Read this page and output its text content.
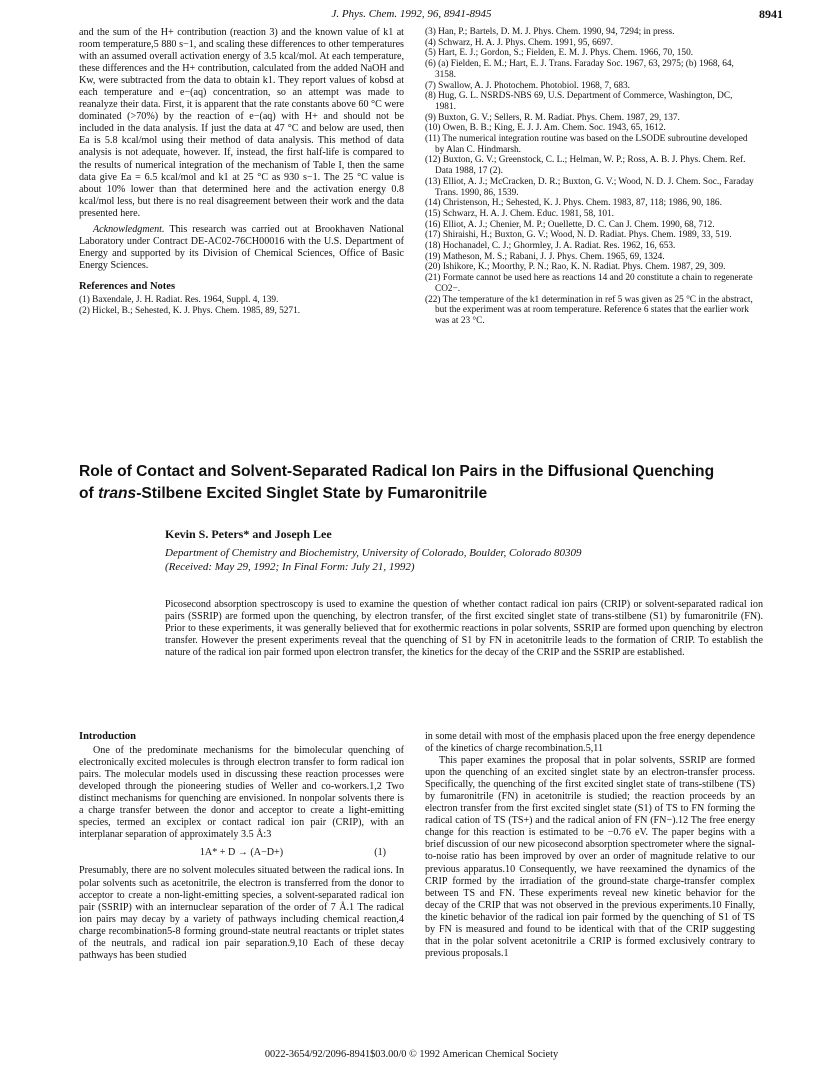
J. Phys. Chem. 1992, 96, 8941-8945	8941

and the sum of the H+ contribution (reaction 3) and the known value of k1 at room temperature,5 880 s−1, and scaling these differences to other temperatures with an assumed overall activation energy of 3.5 kcal/mol. At each temperature, these differences and the H+ contribution, calculated from the added NaOH and Kw, were subtracted from the data to obtain k1. They report values of kobsd at each temperature and e−(aq) concentration, so an attempt was made to reanalyze their data. First, it is apparent that the rate constants above 60 °C were dominated (>70%) by the reaction of e−(aq) with H+ and should not be included in the data analysis. If just the data at 47 °C and below are used, then Ea is 5.8 kcal/mol using their method of data analysis. This method of data analysis is not adequate, however. If, instead, the first half-life is compared to the results of numerical integration of the mechanism of Table I, then the same data give Ea = 6.5 kcal/mol and k1 at 25 °C as 930 s−1. The 25 °C value is about 10% lower than that determined here and the activation energy 0.8 kcal/mol less, but there is no real disagreement between their work and the data presented here.

Acknowledgment. This research was carried out at Brookhaven National Laboratory under Contract DE-AC02-76CH00016 with the U.S. Department of Energy and supported by its Division of Chemical Sciences, Office of Basic Energy Sciences.

References and Notes

(1) Baxendale, J. H. Radiat. Res. 1964, Suppl. 4, 139.

(2) Hickel, B.; Sehested, K. J. Phys. Chem. 1985, 89, 5271.

(3) Han, P.; Bartels, D. M. J. Phys. Chem. 1990, 94, 7294; in press.

(4) Schwarz, H. A. J. Phys. Chem. 1991, 95, 6697.

(5) Hart, E. J.; Gordon, S.; Fielden, E. M. J. Phys. Chem. 1966, 70, 150.

(6) (a) Fielden, E. M.; Hart, E. J. Trans. Faraday Soc. 1967, 63, 2975; (b) 1968, 64, 3158.

(7) Swallow, A. J. Photochem. Photobiol. 1968, 7, 683.

(8) Hug, G. L. NSRDS-NBS 69, U.S. Department of Commerce, Washington, DC, 1981.

(9) Buxton, G. V.; Sellers, R. M. Radiat. Phys. Chem. 1987, 29, 137.

(10) Owen, B. B.; King, E. J. J. Am. Chem. Soc. 1943, 65, 1612.

(11) The numerical integration routine was based on the LSODE subroutine developed by Alan C. Hindmarsh.

(12) Buxton, G. V.; Greenstock, C. L.; Helman, W. P.; Ross, A. B. J. Phys. Chem. Ref. Data 1988, 17 (2).

(13) Elliot, A. J.; McCracken, D. R.; Buxton, G. V.; Wood, N. D. J. Chem. Soc., Faraday Trans. 1990, 86, 1539.

(14) Christenson, H.; Sehested, K. J. Phys. Chem. 1983, 87, 118; 1986, 90, 186.

(15) Schwarz, H. A. J. Chem. Educ. 1981, 58, 101.

(16) Elliot, A. J.; Chenier, M. P.; Ouellette, D. C. Can J. Chem. 1990, 68, 712.

(17) Shiraishi, H.; Buxton, G. V.; Wood, N. D. Radiat. Phys. Chem. 1989, 33, 519.

(18) Hochanadel, C. J.; Ghormley, J. A. Radiat. Res. 1962, 16, 653.

(19) Matheson, M. S.; Rabani, J. J. Phys. Chem. 1965, 69, 1324.

(20) Ishikore, K.; Moorthy, P. N.; Rao, K. N. Radiat. Phys. Chem. 1987, 29, 309.

(21) Formate cannot be used here as reactions 14 and 20 constitute a chain to regenerate CO2−.

(22) The temperature of the k1 determination in ref 5 was given as 25 °C in the abstract, but the experiment was at room temperature. Reference 6 states that the earlier work was at 23 °C.

Role of Contact and Solvent-Separated Radical Ion Pairs in the Diffusional Quenching
of trans-Stilbene Excited Singlet State by Fumaronitrile
Kevin S. Peters* and Joseph Lee
Department of Chemistry and Biochemistry, University of Colorado, Boulder, Colorado 80309
(Received: May 29, 1992; In Final Form: July 21, 1992)
Picosecond absorption spectroscopy is used to examine the question of whether contact radical ion pairs (CRIP) or solvent-separated radical ion pairs (SSRIP) are formed upon the quenching, by electron transfer, of the first excited singlet state of trans-stilbene (S1) by fumaronitrile (FN). Prior to these experiments, it was generally believed that for exothermic reactions in polar solvents, SSRIP are formed upon quenching by electron transfer. However the present experiments reveal that the quenching of S1 by FN in acetonitrile leads to the formation of CRIP. To establish the nature of the radical ion pair formed upon electron transfer, the kinetics for the decay of the CRIP and the SSRIP are established.
Introduction

One of the predominate mechanisms for the bimolecular quenching of electronically excited molecules is through electron transfer to form radical ion pairs. The molecular models used in discussing these reaction processes were developed through the pioneering studies of Weller and co-workers.1,2 Two distinct mechanisms for quenching are envisioned. In nonpolar solvents there is a charge transfer between the donor and acceptor to create a light-emitting species, termed an exciplex or contact radical ion pair (CRIP), with an interplanar separation of approximately 3.5 Å:3

1A* + D → (A−D+)	(1)

Presumably, there are no solvent molecules situated between the radical ions. In polar solvents such as acetonitrile, the electron is transferred from the donor to acceptor to create a non-light-emitting species, a solvent-separated radical ion pair (SSRIP) with an internuclear separation of the order of 7 Å.1 The radical ion pairs may decay by a variety of pathways including chemical reaction,4 charge recombination5-8 forming ground-state neutral reactants or triplet states of the neutrals, and radical ion pair separation.9,10 Each of these decay pathways has been studied

in some detail with most of the emphasis placed upon the free energy dependence of the kinetics of charge recombination.5,11

This paper examines the proposal that in polar solvents, SSRIP are formed upon the quenching of an excited singlet state by an electron-transfer process. Specifically, the quenching of the first excited singlet state of trans-stilbene (TS) by fumaronitrile (FN) in acetonitrile is studied; the reaction proceeds by an electron transfer from the first excited singlet state (S1) of TS to FN forming the radical cation of TS (TS+) and the radical anion of FN (FN−).12 The free energy change for this reaction is estimated to be −0.76 eV. The paper begins with a brief discussion of our new picosecond absorption spectrometer where the signal-to-noise ratio has been improved by over an order of magnitude relative to our previous apparatus.10 Consequently, we have reexamined the dynamics of the CRIP formed by the irradiation of the ground-state charge-transfer complex between TS and FN. These experiments reveal new kinetic behavior for the decay of the CRIP that was not observed in the previous experiments.10 Finally, the kinetic behavior of the radical ion pair formed by the quenching of S1 of TS by FN is measured and found to be identical with that of the CRIP suggesting that in the polar solvent acetonitrile a CRIP is formed exclusively contrary to previous proposals.1

0022-3654/92/2096-8941$03.00/0 © 1992 American Chemical Society
